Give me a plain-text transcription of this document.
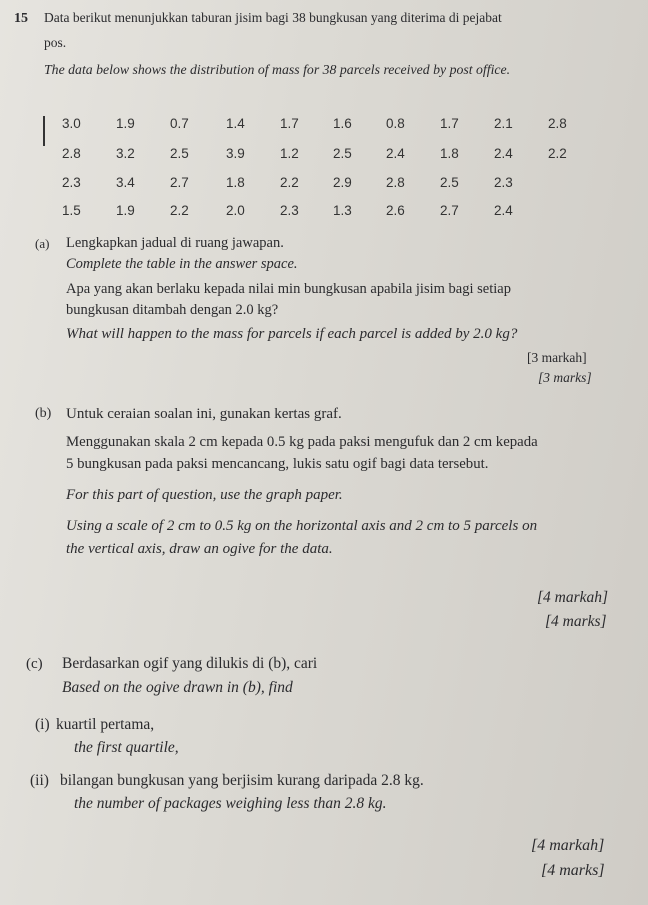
15 Data berikut menunjukkan taburan jisim bagi 38 bungkusan yang diterima di pejabat
pos.
The data below shows the distribution of mass for 38 parcels received by post office.
3.0	1.9	0.7	1.4	1.7	1.6	0.8	1.7	2.1	2.8
2.8	3.2	2.5	3.9	1.2	2.5	2.4	1.8	2.4	2.2
2.3	3.4	2.7	1.8	2.2	2.9	2.8	2.5	2.3
1.5	1.9	2.2	2.0	2.3	1.3	2.6	2.7	2.4
(a) Lengkapkan jadual di ruang jawapan.
Complete the table in the answer space.
Apa yang akan berlaku kepada nilai min bungkusan apabila jisim bagi setiap
bungkusan ditambah dengan 2.0 kg?
What will happen to the mass for parcels if each parcel is added by 2.0 kg?
[3 markah]
[3 marks]
(b) Untuk ceraian soalan ini, gunakan kertas graf.
Menggunakan skala 2 cm kepada 0.5 kg pada paksi mengufuk dan 2 cm kepada
5 bungkusan pada paksi mencancang, lukis satu ogif bagi data tersebut.
For this part of question, use the graph paper.
Using a scale of 2 cm to 0.5 kg on the horizontal axis and 2 cm to 5 parcels on
the vertical axis, draw an ogive for the data.
[4 markah]
[4 marks]
(c) Berdasarkan ogif yang dilukis di (b), cari
Based on the ogive drawn in (b), find
(i) kuartil pertama,
the first quartile,
(ii) bilangan bungkusan yang berjisim kurang daripada 2.8 kg.
the number of packages weighing less than 2.8 kg.
[4 markah]
[4 marks]
